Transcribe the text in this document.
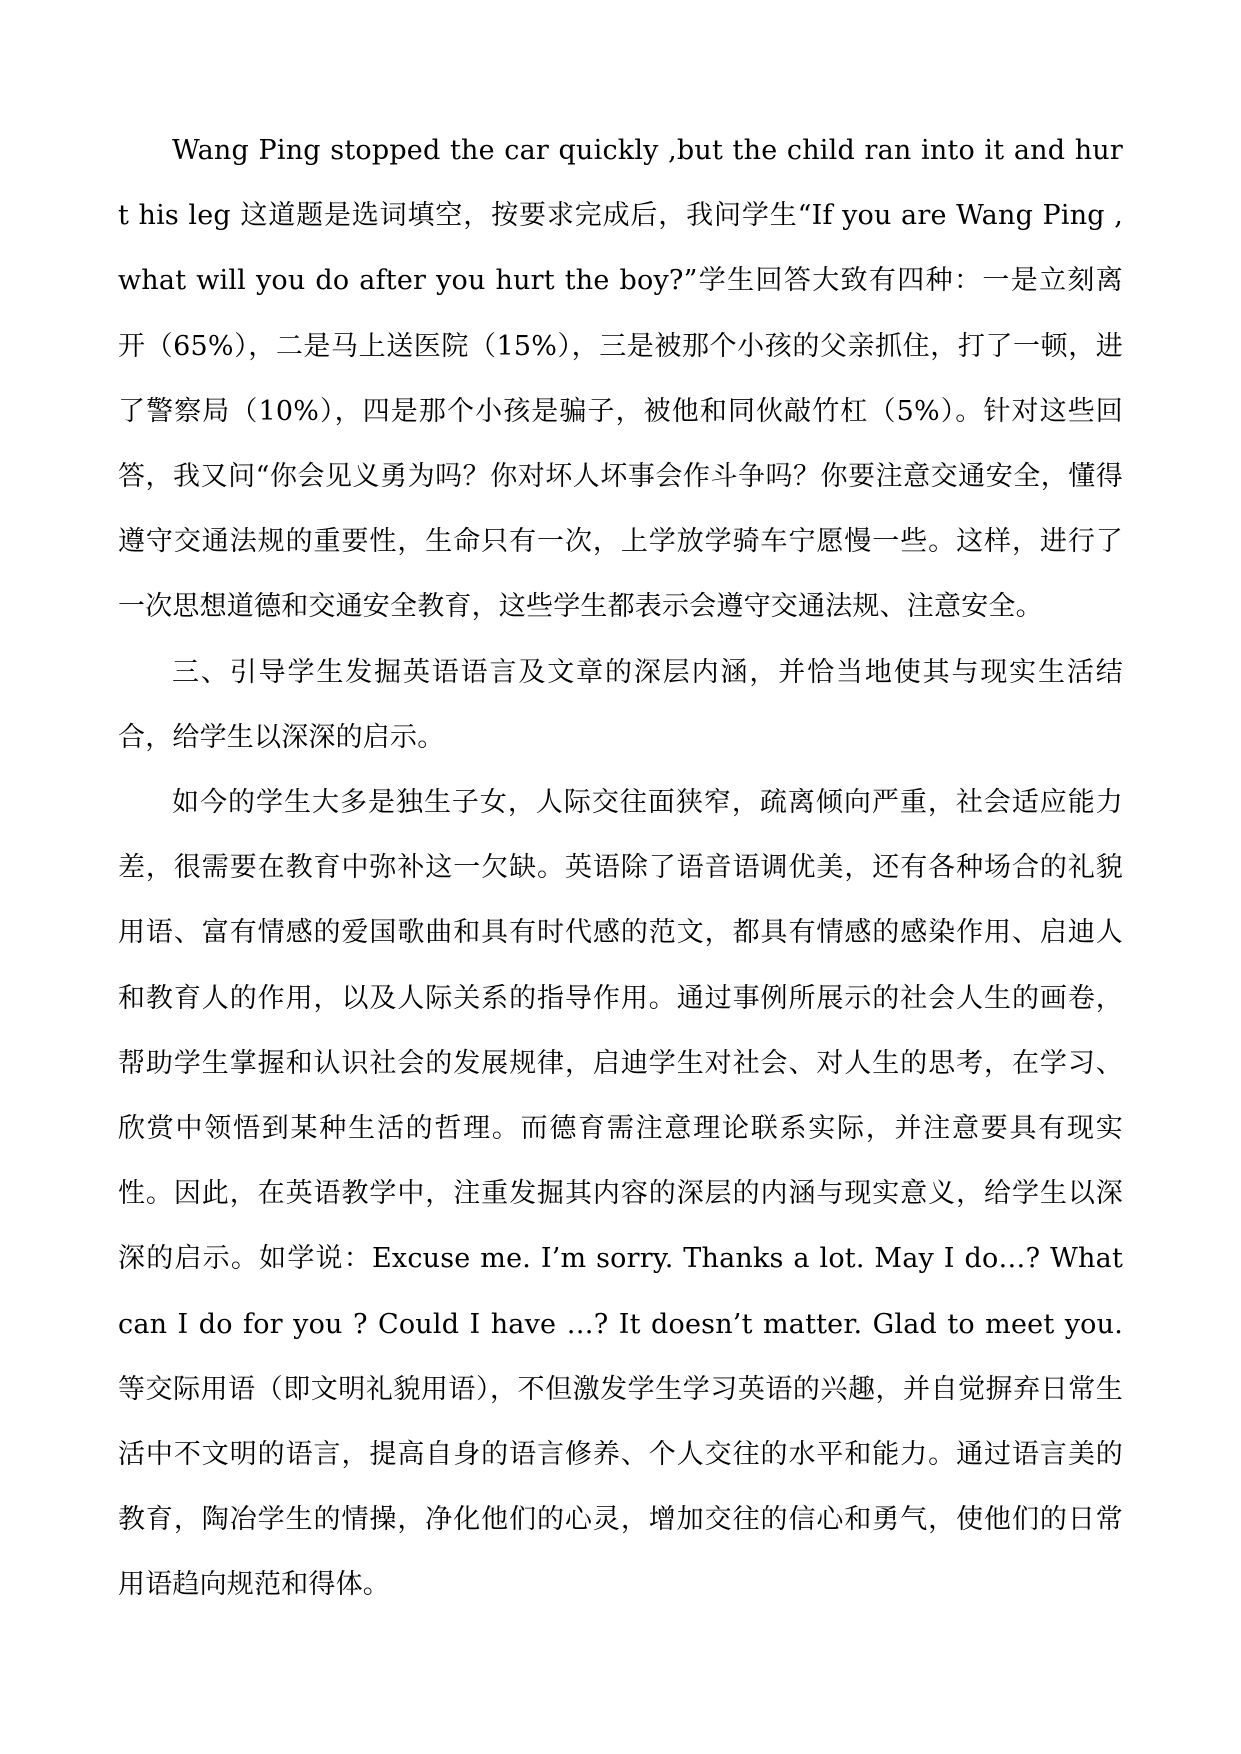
Wang Ping stopped the car quickly ,but the child ran into it and hurt his leg 这道题是选词填空，按要求完成后，我问学生“If you are Wang Ping ,what will you do after you hurt the boy?”学生回答大致有四种：一是立刻离开（65%），二是马上送医院（15%），三是被那个小孩的父亲抓住，打了一顿，进了警察局（10%），四是那个小孩是骗子，被他和同伙敲竹杠（5%）。针对这些回答，我又问“你会见义勇为吗？你对坏人坏事会作斗争吗？你要注意交通安全，懂得遵守交通法规的重要性，生命只有一次，上学放学骑车宁愿慢一些。这样，进行了一次思想道德和交通安全教育，这些学生都表示会遵守交通法规、注意安全。

三、引导学生发掘英语语言及文章的深层内涵，并恰当地使其与现实生活结合，给学生以深深的启示。

如今的学生大多是独生子女，人际交往面狭窄，疏离倾向严重，社会适应能力差，很需要在教育中弥补这一欠缺。英语除了语音语调优美，还有各种场合的礼貌用语、富有情感的爱国歌曲和具有时代感的范文，都具有情感的感染作用、启迪人和教育人的作用，以及人际关系的指导作用。通过事例所展示的社会人生的画卷，帮助学生掌握和认识社会的发展规律，启迪学生对社会、对人生的思考，在学习、欣赏中领悟到某种生活的哲理。而德育需注意理论联系实际，并注意要具有现实性。因此，在英语教学中，注重发掘其内容的深层的内涵与现实意义，给学生以深深的启示。如学说：Excuse me. I’m sorry. Thanks a lot. May I do…? What can I do for you ? Could I have …? It doesn’t matter. Glad to meet you.等交际用语（即文明礼貌用语），不但激发学生学习英语的兴趣，并自觉摒弃日常生活中不文明的语言，提高自身的语言修养、个人交往的水平和能力。通过语言美的教育，陶冶学生的情操，净化他们的心灵，增加交往的信心和勇气，使他们的日常用语趋向规范和得体。
